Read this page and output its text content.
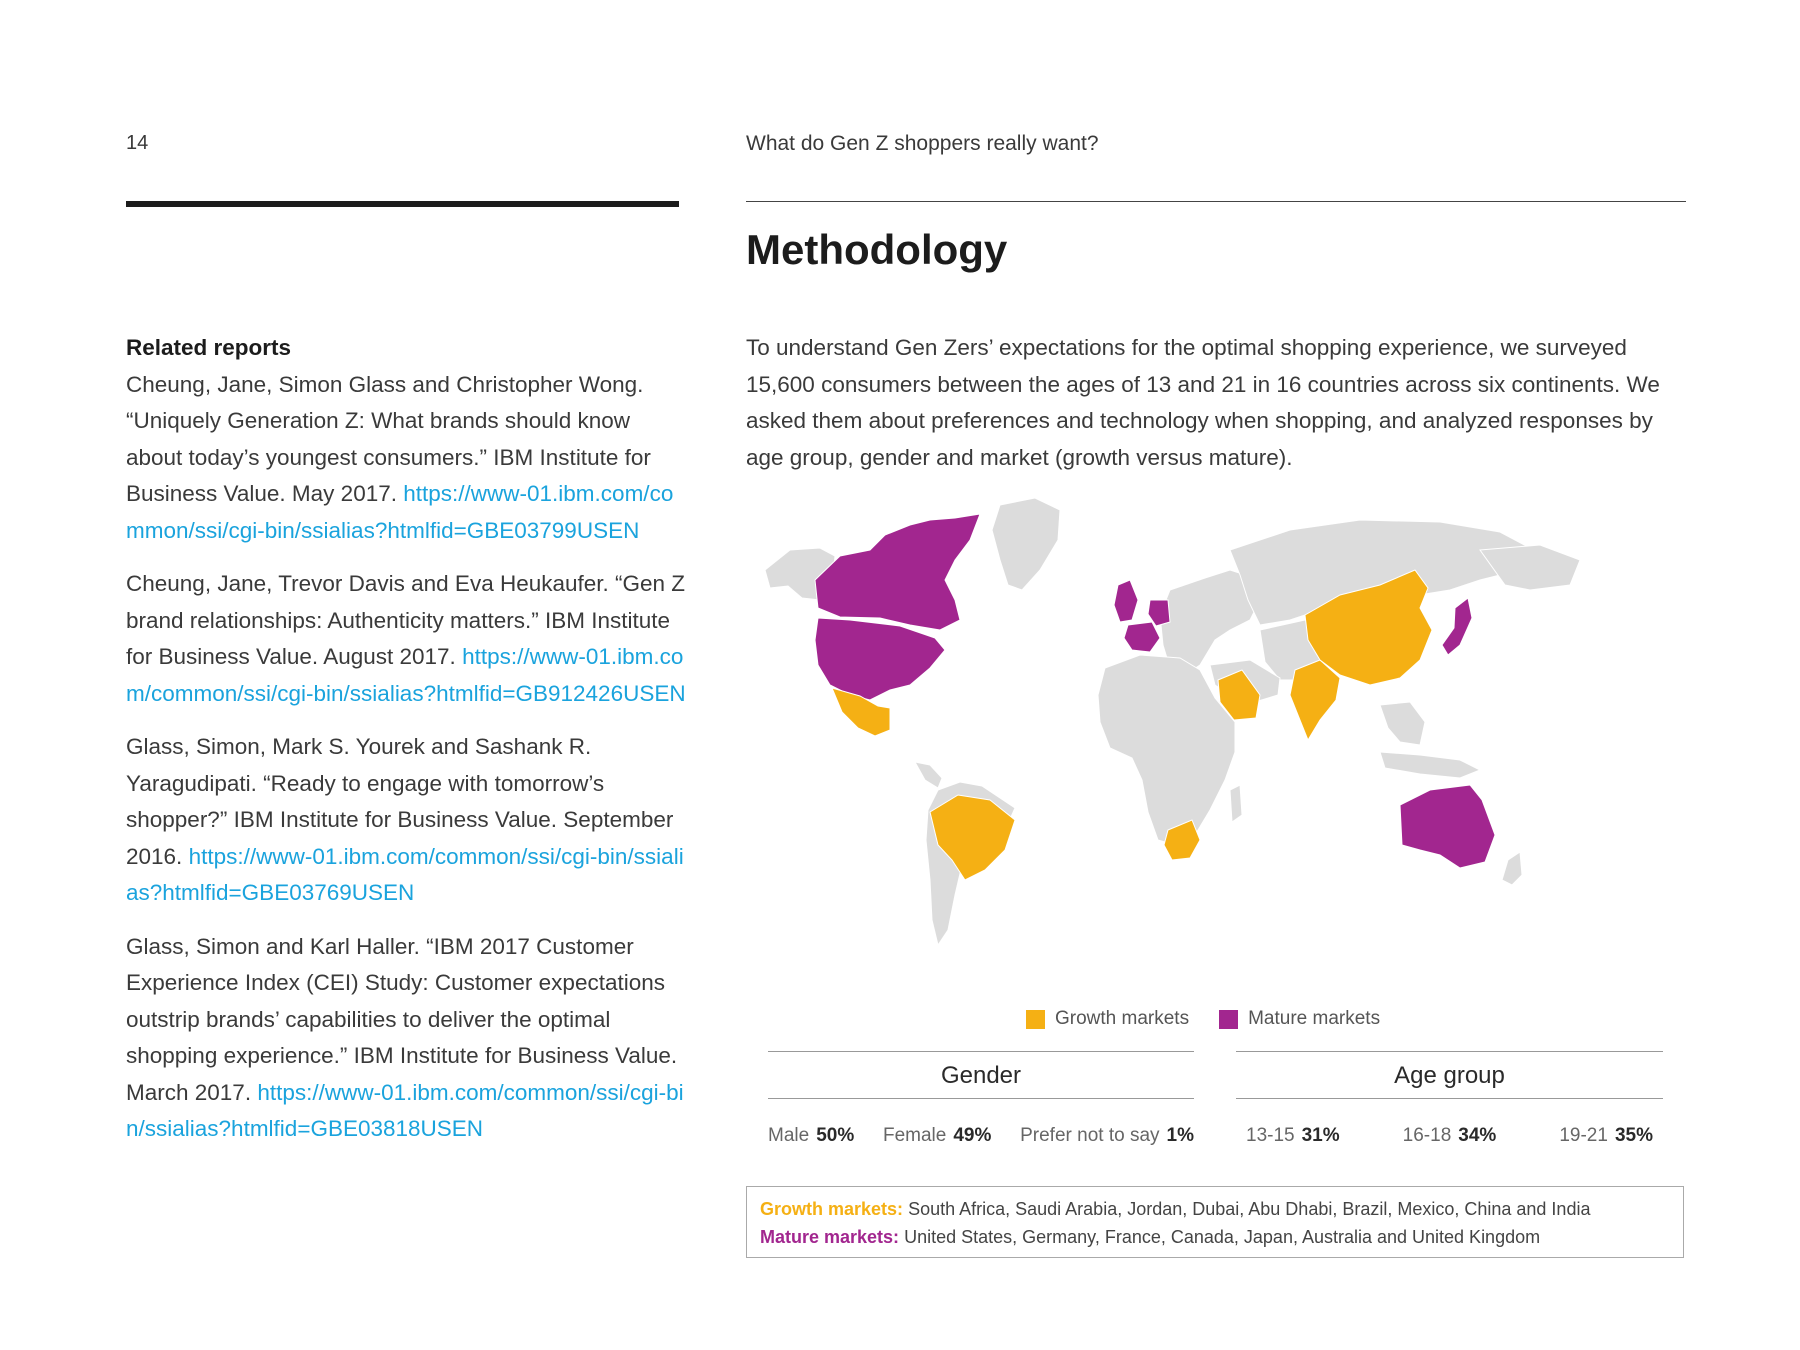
14	What do Gen Z shoppers really want?
Methodology
Related reports
Cheung, Jane, Simon Glass and Christopher Wong. “Uniquely Generation Z: What brands should know about today’s youngest consumers.” IBM Institute for Business Value. May 2017. https://www-01.ibm.com/common/ssi/cgi-bin/ssialias?htmlfid=GBE03799USEN
Cheung, Jane, Trevor Davis and Eva Heukaufer. “Gen Z brand relationships: Authenticity matters.” IBM Institute for Business Value. August 2017. https://www-01.ibm.com/common/ssi/cgi-bin/ssialias?htmlfid=GB912426USEN
Glass, Simon, Mark S. Yourek and Sashank R. Yaragudipati. “Ready to engage with tomorrow’s shopper?” IBM Institute for Business Value. September 2016. https://www-01.ibm.com/common/ssi/cgi-bin/ssialias?htmlfid=GBE03769USEN
Glass, Simon and Karl Haller. “IBM 2017 Customer Experience Index (CEI) Study: Customer expectations outstrip brands’ capabilities to deliver the optimal shopping experience.” IBM Institute for Business Value. March 2017. https://www-01.ibm.com/common/ssi/cgi-bin/ssialias?htmlfid=GBE03818USEN

To understand Gen Zers’ expectations for the optimal shopping experience, we surveyed 15,600 consumers between the ages of 13 and 21 in 16 countries across six continents. We asked them about preferences and technology when shopping, and analyzed responses by age group, gender and market (growth versus mature).

Growth markets	Mature markets
Gender
Male 50% Female 49% Prefer not to say 1%
Age group
13-15 31%	16-18 34%	19-21 35%
Growth markets: South Africa, Saudi Arabia, Jordan, Dubai, Abu Dhabi, Brazil, Mexico, China and India
Mature markets: United States, Germany, France, Canada, Japan, Australia and United Kingdom
